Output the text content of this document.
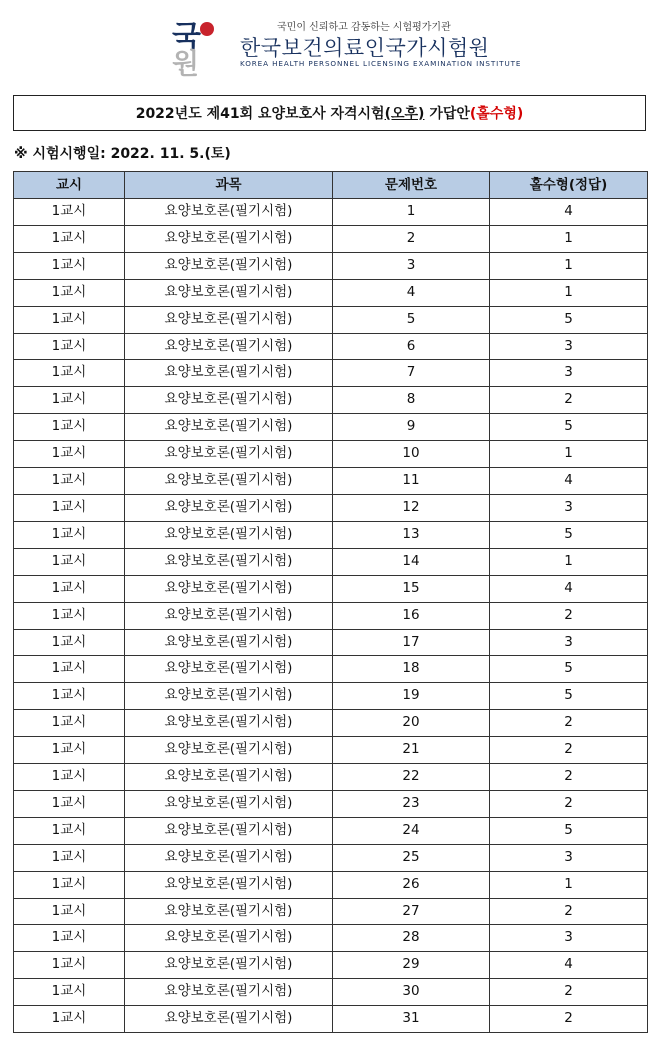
국
원
국민이 신뢰하고 감동하는 시험평가기관
한국보건의료인국가시험원
KOREA HEALTH PERSONNEL LICENSING EXAMINATION INSTITUTE
2022년도 제41회 요양보호사 자격시험 (오후) 가답안 (홀수형)
※ 시험시행일: 2022. 11. 5.(토)
교시	과목	문제번호	홀수형(정답)
1교시	요양보호론(필기시험)	1	4
1교시	요양보호론(필기시험)	2	1
1교시	요양보호론(필기시험)	3	1
1교시	요양보호론(필기시험)	4	1
1교시	요양보호론(필기시험)	5	5
1교시	요양보호론(필기시험)	6	3
1교시	요양보호론(필기시험)	7	3
1교시	요양보호론(필기시험)	8	2
1교시	요양보호론(필기시험)	9	5
1교시	요양보호론(필기시험)	10	1
1교시	요양보호론(필기시험)	11	4
1교시	요양보호론(필기시험)	12	3
1교시	요양보호론(필기시험)	13	5
1교시	요양보호론(필기시험)	14	1
1교시	요양보호론(필기시험)	15	4
1교시	요양보호론(필기시험)	16	2
1교시	요양보호론(필기시험)	17	3
1교시	요양보호론(필기시험)	18	5
1교시	요양보호론(필기시험)	19	5
1교시	요양보호론(필기시험)	20	2
1교시	요양보호론(필기시험)	21	2
1교시	요양보호론(필기시험)	22	2
1교시	요양보호론(필기시험)	23	2
1교시	요양보호론(필기시험)	24	5
1교시	요양보호론(필기시험)	25	3
1교시	요양보호론(필기시험)	26	1
1교시	요양보호론(필기시험)	27	2
1교시	요양보호론(필기시험)	28	3
1교시	요양보호론(필기시험)	29	4
1교시	요양보호론(필기시험)	30	2
1교시	요양보호론(필기시험)	31	2
